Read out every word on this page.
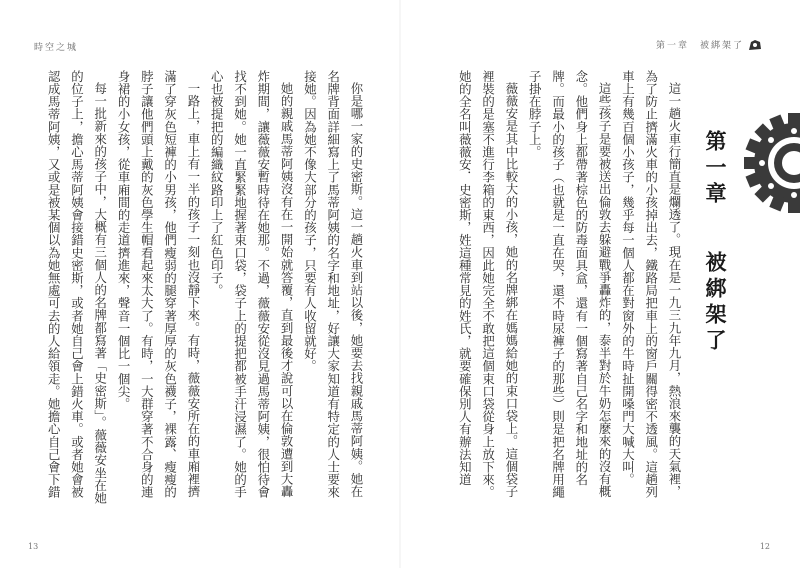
時空之城

你是哪一家的史密斯。這一趟火車到站以後，她要去找親戚馬蒂阿姨。她在名牌背面詳細寫上了馬蒂阿姨的名字和地址，好讓大家知道有特定的人士要來接她。因為她不像大部分的孩子，只要有人收留就好。

她的親戚馬蒂阿姨沒有在一開始就答覆，直到最後才說可以在倫敦遭到大轟炸期間，讓薇薇安暫時待在她那。不過，薇薇安從沒見過馬蒂阿姨，很怕待會找不到她。她一直緊緊地握著束口袋，袋子上的提把都被手汗浸濕了。她的手心也被提把的編織紋路印上了紅色印子。

一路上，車上有一半的孩子一刻也沒靜下來。有時，薇薇安所在的車廂裡擠滿了穿灰色短褲的小男孩，他們瘦弱的腿穿著厚厚的灰色襪子，裸露、瘦瘦的脖子讓他們頭上戴的灰色學生帽看起來太大了。有時，一大群穿著不合身的連身裙的小女孩，從車廂間的走道擠進來，聲音一個比一個尖。

每一批新來的孩子中，大概有三個人的名牌都寫著「史密斯」。薇薇安坐在她的位子上，擔心馬蒂阿姨會接錯史密斯，或者她自己會上錯火車。或者她會被認成馬蒂阿姨，又或是被某個以為她無處可去的人給領走。她擔心自己會下錯

13
第一章　被綁架了
第一章  被綁架了

這一趟火車行簡直是爛透了。現在是一九三九年九月，熱浪來襲的天氣裡，為了防止擠滿火車的小孩掉出去，鐵路局把車上的窗戶關得密不透風。這趟列車上有幾百個小孩子，幾乎每一個人都在對窗外的牛時扯開嗓門大喊大叫。

這些孩子是要被送出倫敦去躲避戰爭轟炸的，泰半對於牛奶怎麼來的沒有概念。他們身上都帶著棕色的防毒面具盒，還有一個寫著自己名字和地址的名牌。而最小的孩子（也就是一直在哭，還不時尿褲子的那些）則是把名牌用繩子掛在脖子上。

薇薇安是其中比較大的小孩，她的名牌綁在媽媽給她的束口袋上。這個袋子裡裝的是塞不進行李箱的東西，因此她完全不敢把這個束口袋從身上放下來。她的全名叫薇薇安．史密斯，姓這種常見的姓氏，就要確保別人有辦法知道

12
